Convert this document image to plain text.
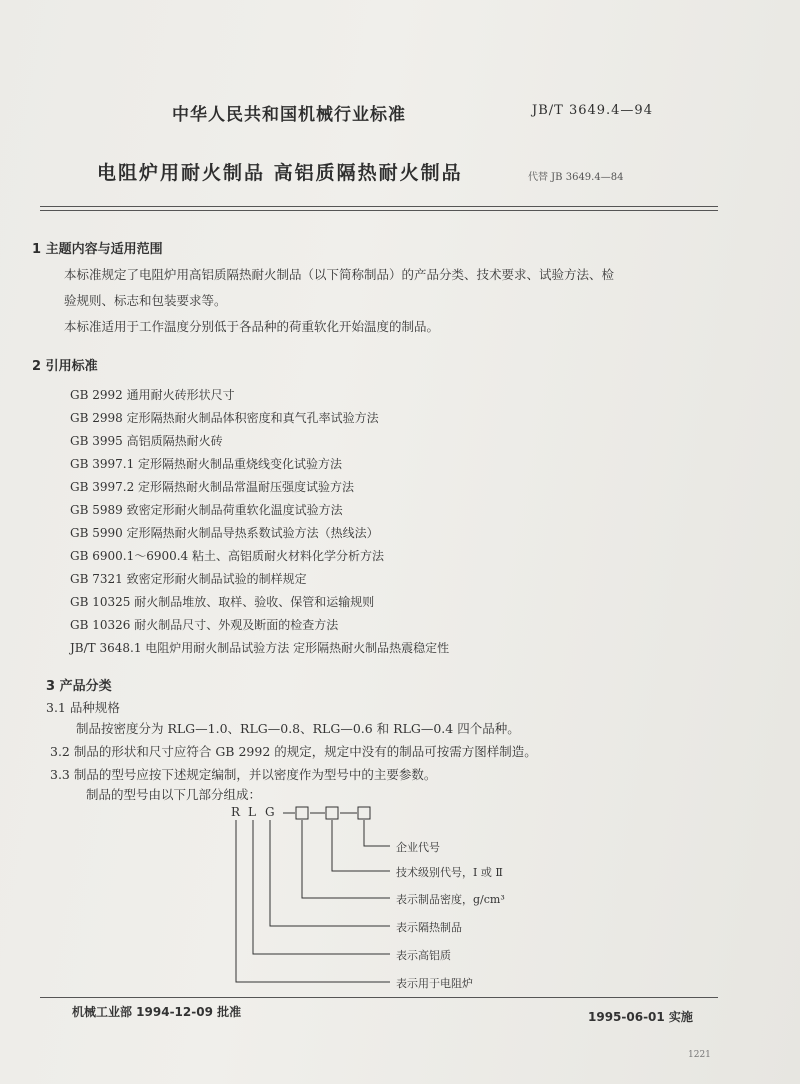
中华人民共和国机械行业标准	JB/T 3649.4—94
电阻炉用耐火制品 高铝质隔热耐火制品	代替 JB 3649.4—84
1 主题内容与适用范围
本标准规定了电阻炉用高铝质隔热耐火制品（以下简称制品）的产品分类、技术要求、试验方法、检
验规则、标志和包装要求等。
本标准适用于工作温度分别低于各品种的荷重软化开始温度的制品。
2 引用标准
GB 2992 通用耐火砖形状尺寸
GB 2998 定形隔热耐火制品体积密度和真气孔率试验方法
GB 3995 高铝质隔热耐火砖
GB 3997.1 定形隔热耐火制品重烧线变化试验方法
GB 3997.2 定形隔热耐火制品常温耐压强度试验方法
GB 5989 致密定形耐火制品荷重软化温度试验方法
GB 5990 定形隔热耐火制品导热系数试验方法（热线法）
GB 6900.1～6900.4 粘土、高铝质耐火材料化学分析方法
GB 7321 致密定形耐火制品试验的制样规定
GB 10325 耐火制品堆放、取样、验收、保管和运输规则
GB 10326 耐火制品尺寸、外观及断面的检查方法
JB/T 3648.1 电阻炉用耐火制品试验方法 定形隔热耐火制品热震稳定性
3 产品分类
3.1 品种规格
制品按密度分为 RLG—1.0、RLG—0.8、RLG—0.6 和 RLG—0.4 四个品种。
3.2 制品的形状和尺寸应符合 GB 2992 的规定，规定中没有的制品可按需方图样制造。
3.3 制品的型号应按下述规定编制，并以密度作为型号中的主要参数。
制品的型号由以下几部分组成：
R L G
企业代号
技术级别代号，Ⅰ 或 Ⅱ
表示制品密度，g/cm³
表示隔热制品
表示高铝质
表示用于电阻炉
机械工业部 1994-12-09 批准	1995-06-01 实施
1221
